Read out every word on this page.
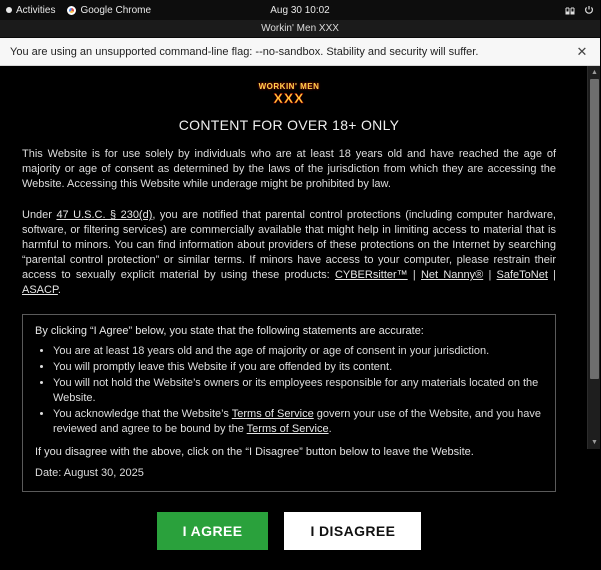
Activities	Google Chrome	Aug 30 10:02
Workin' Men XXX
You are using an unsupported command-line flag: --no-sandbox. Stability and security will suffer.	✕
WORKIN' MEN
XXX
CONTENT FOR OVER 18+ ONLY

This Website is for use solely by individuals who are at least 18 years old and have reached the age of majority or age of consent as determined by the laws of the jurisdiction from which they are accessing the Website. Accessing this Website while underage might be prohibited by law.

Under 47 U.S.C. § 230(d), you are notified that parental control protections (including computer hardware, software, or filtering services) are commercially available that might help in limiting access to material that is harmful to minors. You can find information about providers of these protections on the Internet by searching “parental control protection” or similar terms. If minors have access to your computer, please restrain their access to sexually explicit material by using these products: CYBERsitter™ | Net Nanny® | SafeToNet | ASACP.

By clicking “I Agree” below, you state that the following statements are accurate:

• You are at least 18 years old and the age of majority or age of consent in your jurisdiction.
• You will promptly leave this Website if you are offended by its content.
• You will not hold the Website’s owners or its employees responsible for any materials located on the Website.
• You acknowledge that the Website’s Terms of Service govern your use of the Website, and you have reviewed and agree to be bound by the Terms of Service.

If you disagree with the above, click on the “I Disagree” button below to leave the Website.

Date: August 30, 2025

I AGREE	I DISAGREE
▲
▼
